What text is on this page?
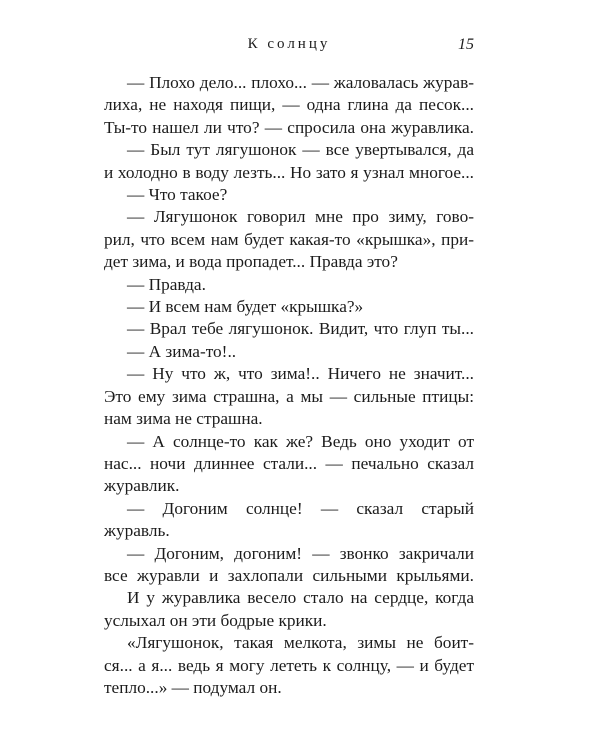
К солнцу	15
— Плохо дело... плохо... — жаловалась журав-
лиха, не находя пищи, — одна глина да песок...
Ты-то нашел ли что? — спросила она журавлика.
— Был тут лягушонок — все увертывался, да
и холодно в воду лезть... Но зато я узнал многое...
— Что такое?
— Лягушонок говорил мне про зиму, гово-
рил, что всем нам будет какая-то «крышка», при-
дет зима, и вода пропадет... Правда это?
— Правда.
— И всем нам будет «крышка?»
— Врал тебе лягушонок. Видит, что глуп ты...
— А зима-то!..
— Ну что ж, что зима!.. Ничего не значит...
Это ему зима страшна, а мы — сильные птицы:
нам зима не страшна.
— А солнце-то как же? Ведь оно уходит от
нас... ночи длиннее стали... — печально сказал
журавлик.
— Догоним солнце! — сказал старый
журавль.
— Догоним, догоним! — звонко закричали
все журавли и захлопали сильными крыльями.
И у журавлика весело стало на сердце, когда
услыхал он эти бодрые крики.
«Лягушонок, такая мелкота, зимы не боит-
ся... а я... ведь я могу лететь к солнцу, — и будет
тепло...» — подумал он.
